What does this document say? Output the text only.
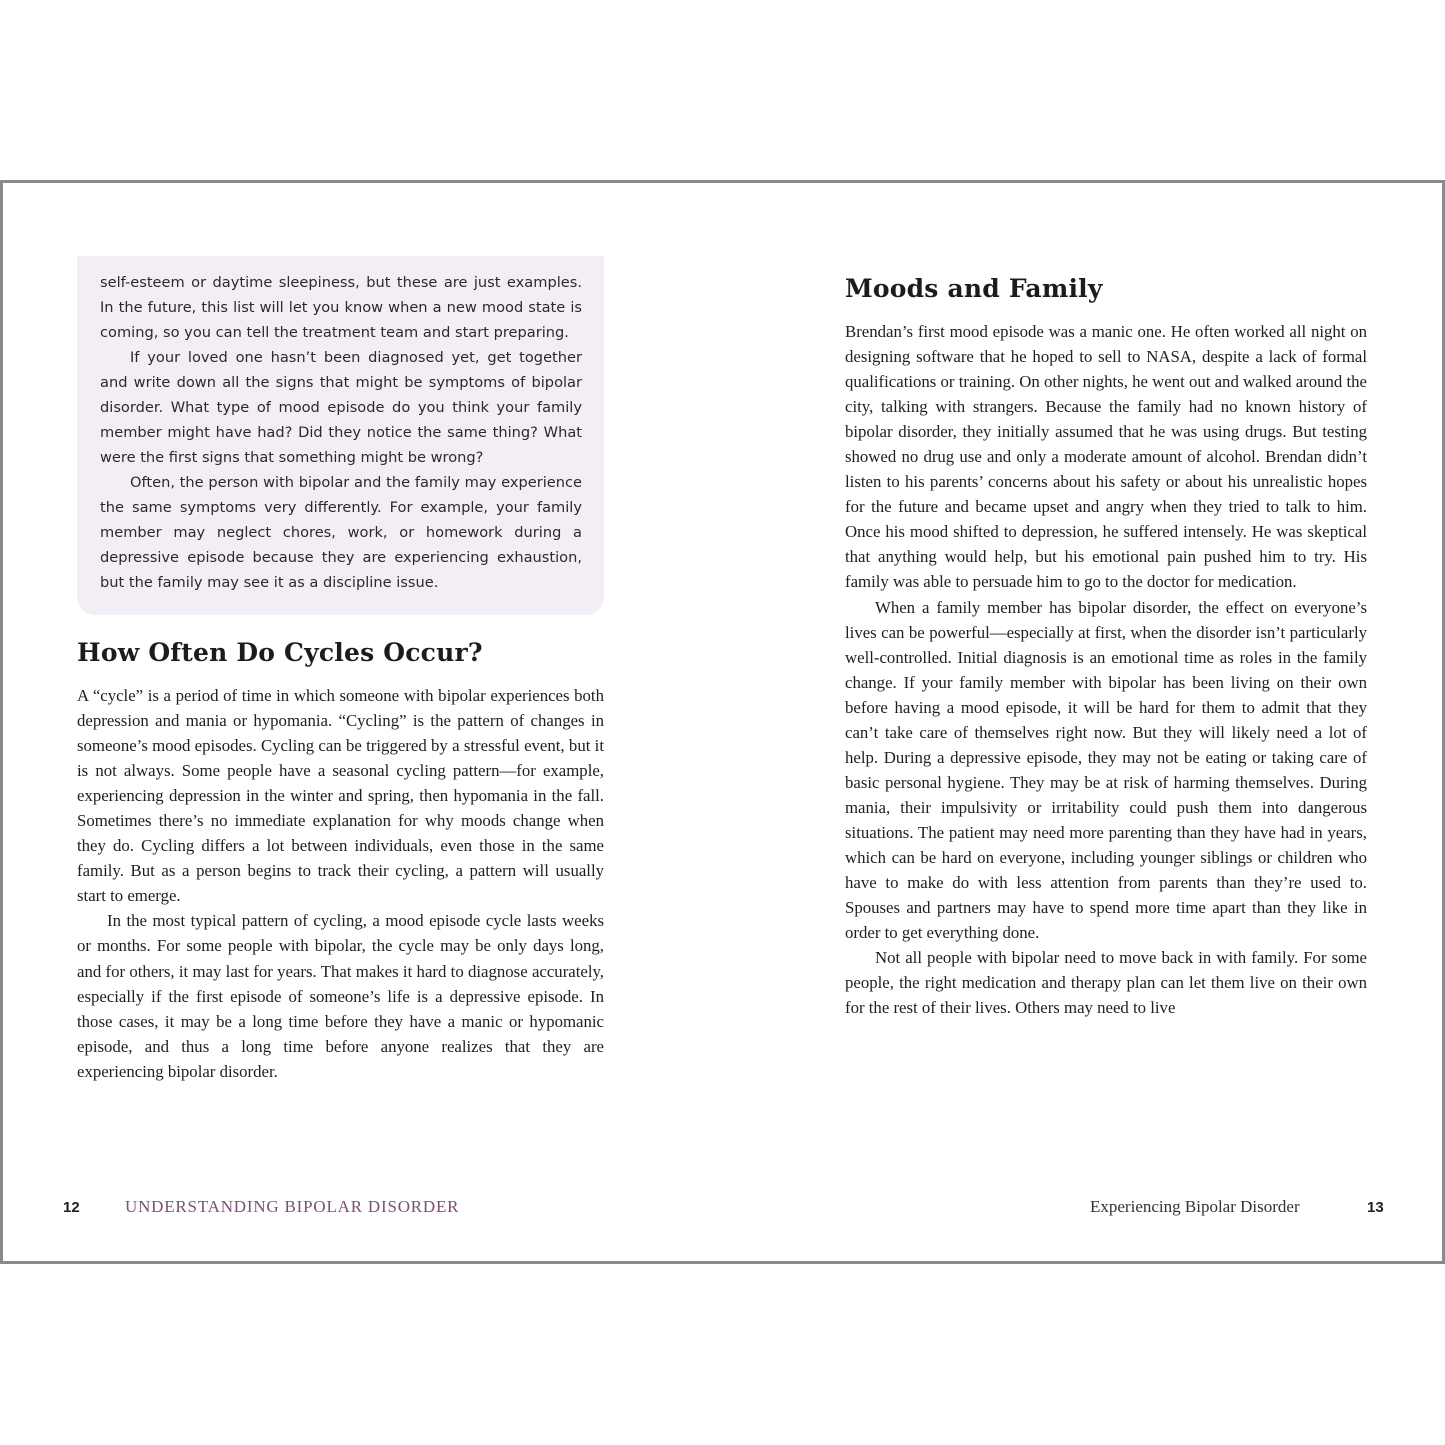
self-esteem or daytime sleepiness, but these are just examples. In the future, this list will let you know when a new mood state is coming, so you can tell the treatment team and start preparing.

If your loved one hasn’t been diagnosed yet, get together and write down all the signs that might be symptoms of bipolar disorder. What type of mood episode do you think your family member might have had? Did they notice the same thing? What were the first signs that something might be wrong?

Often, the person with bipolar and the family may experience the same symptoms very differently. For example, your family member may neglect chores, work, or homework during a depressive episode because they are experiencing exhaustion, but the family may see it as a discipline issue.

How Often Do Cycles Occur?

A “cycle” is a period of time in which someone with bipolar experiences both depression and mania or hypomania. “Cycling” is the pattern of changes in someone’s mood episodes. Cycling can be triggered by a stressful event, but it is not always. Some people have a seasonal cycling pattern—for example, experiencing depression in the winter and spring, then hypomania in the fall. Sometimes there’s no immediate explanation for why moods change when they do. Cycling differs a lot between individuals, even those in the same family. But as a person begins to track their cycling, a pattern will usually start to emerge.

In the most typical pattern of cycling, a mood episode cycle lasts weeks or months. For some people with bipolar, the cycle may be only days long, and for others, it may last for years. That makes it hard to diagnose accurately, especially if the first episode of someone’s life is a depressive episode. In those cases, it may be a long time before they have a manic or hypomanic episode, and thus a long time before anyone realizes that they are experiencing bipolar disorder.

Moods and Family

Brendan’s first mood episode was a manic one. He often worked all night on designing software that he hoped to sell to NASA, despite a lack of formal qualifications or training. On other nights, he went out and walked around the city, talking with strangers. Because the family had no known history of bipolar disorder, they initially assumed that he was using drugs. But testing showed no drug use and only a moderate amount of alcohol. Brendan didn’t listen to his parents’ concerns about his safety or about his unrealistic hopes for the future and became upset and angry when they tried to talk to him. Once his mood shifted to depression, he suffered intensely. He was skeptical that anything would help, but his emotional pain pushed him to try. His family was able to persuade him to go to the doctor for medication.

When a family member has bipolar disorder, the effect on everyone’s lives can be powerful—especially at first, when the disorder isn’t particularly well-controlled. Initial diagnosis is an emotional time as roles in the family change. If your family member with bipolar has been living on their own before having a mood episode, it will be hard for them to admit that they can’t take care of themselves right now. But they will likely need a lot of help. During a depressive episode, they may not be eating or taking care of basic personal hygiene. They may be at risk of harming themselves. During mania, their impulsivity or irritability could push them into dangerous situations. The patient may need more parenting than they have had in years, which can be hard on everyone, including younger siblings or children who have to make do with less attention from parents than they’re used to. Spouses and partners may have to spend more time apart than they like in order to get everything done.

Not all people with bipolar need to move back in with family. For some people, the right medication and therapy plan can let them live on their own for the rest of their lives. Others may need to live

12	UNDERSTANDING BIPOLAR DISORDER	Experiencing Bipolar Disorder	13
